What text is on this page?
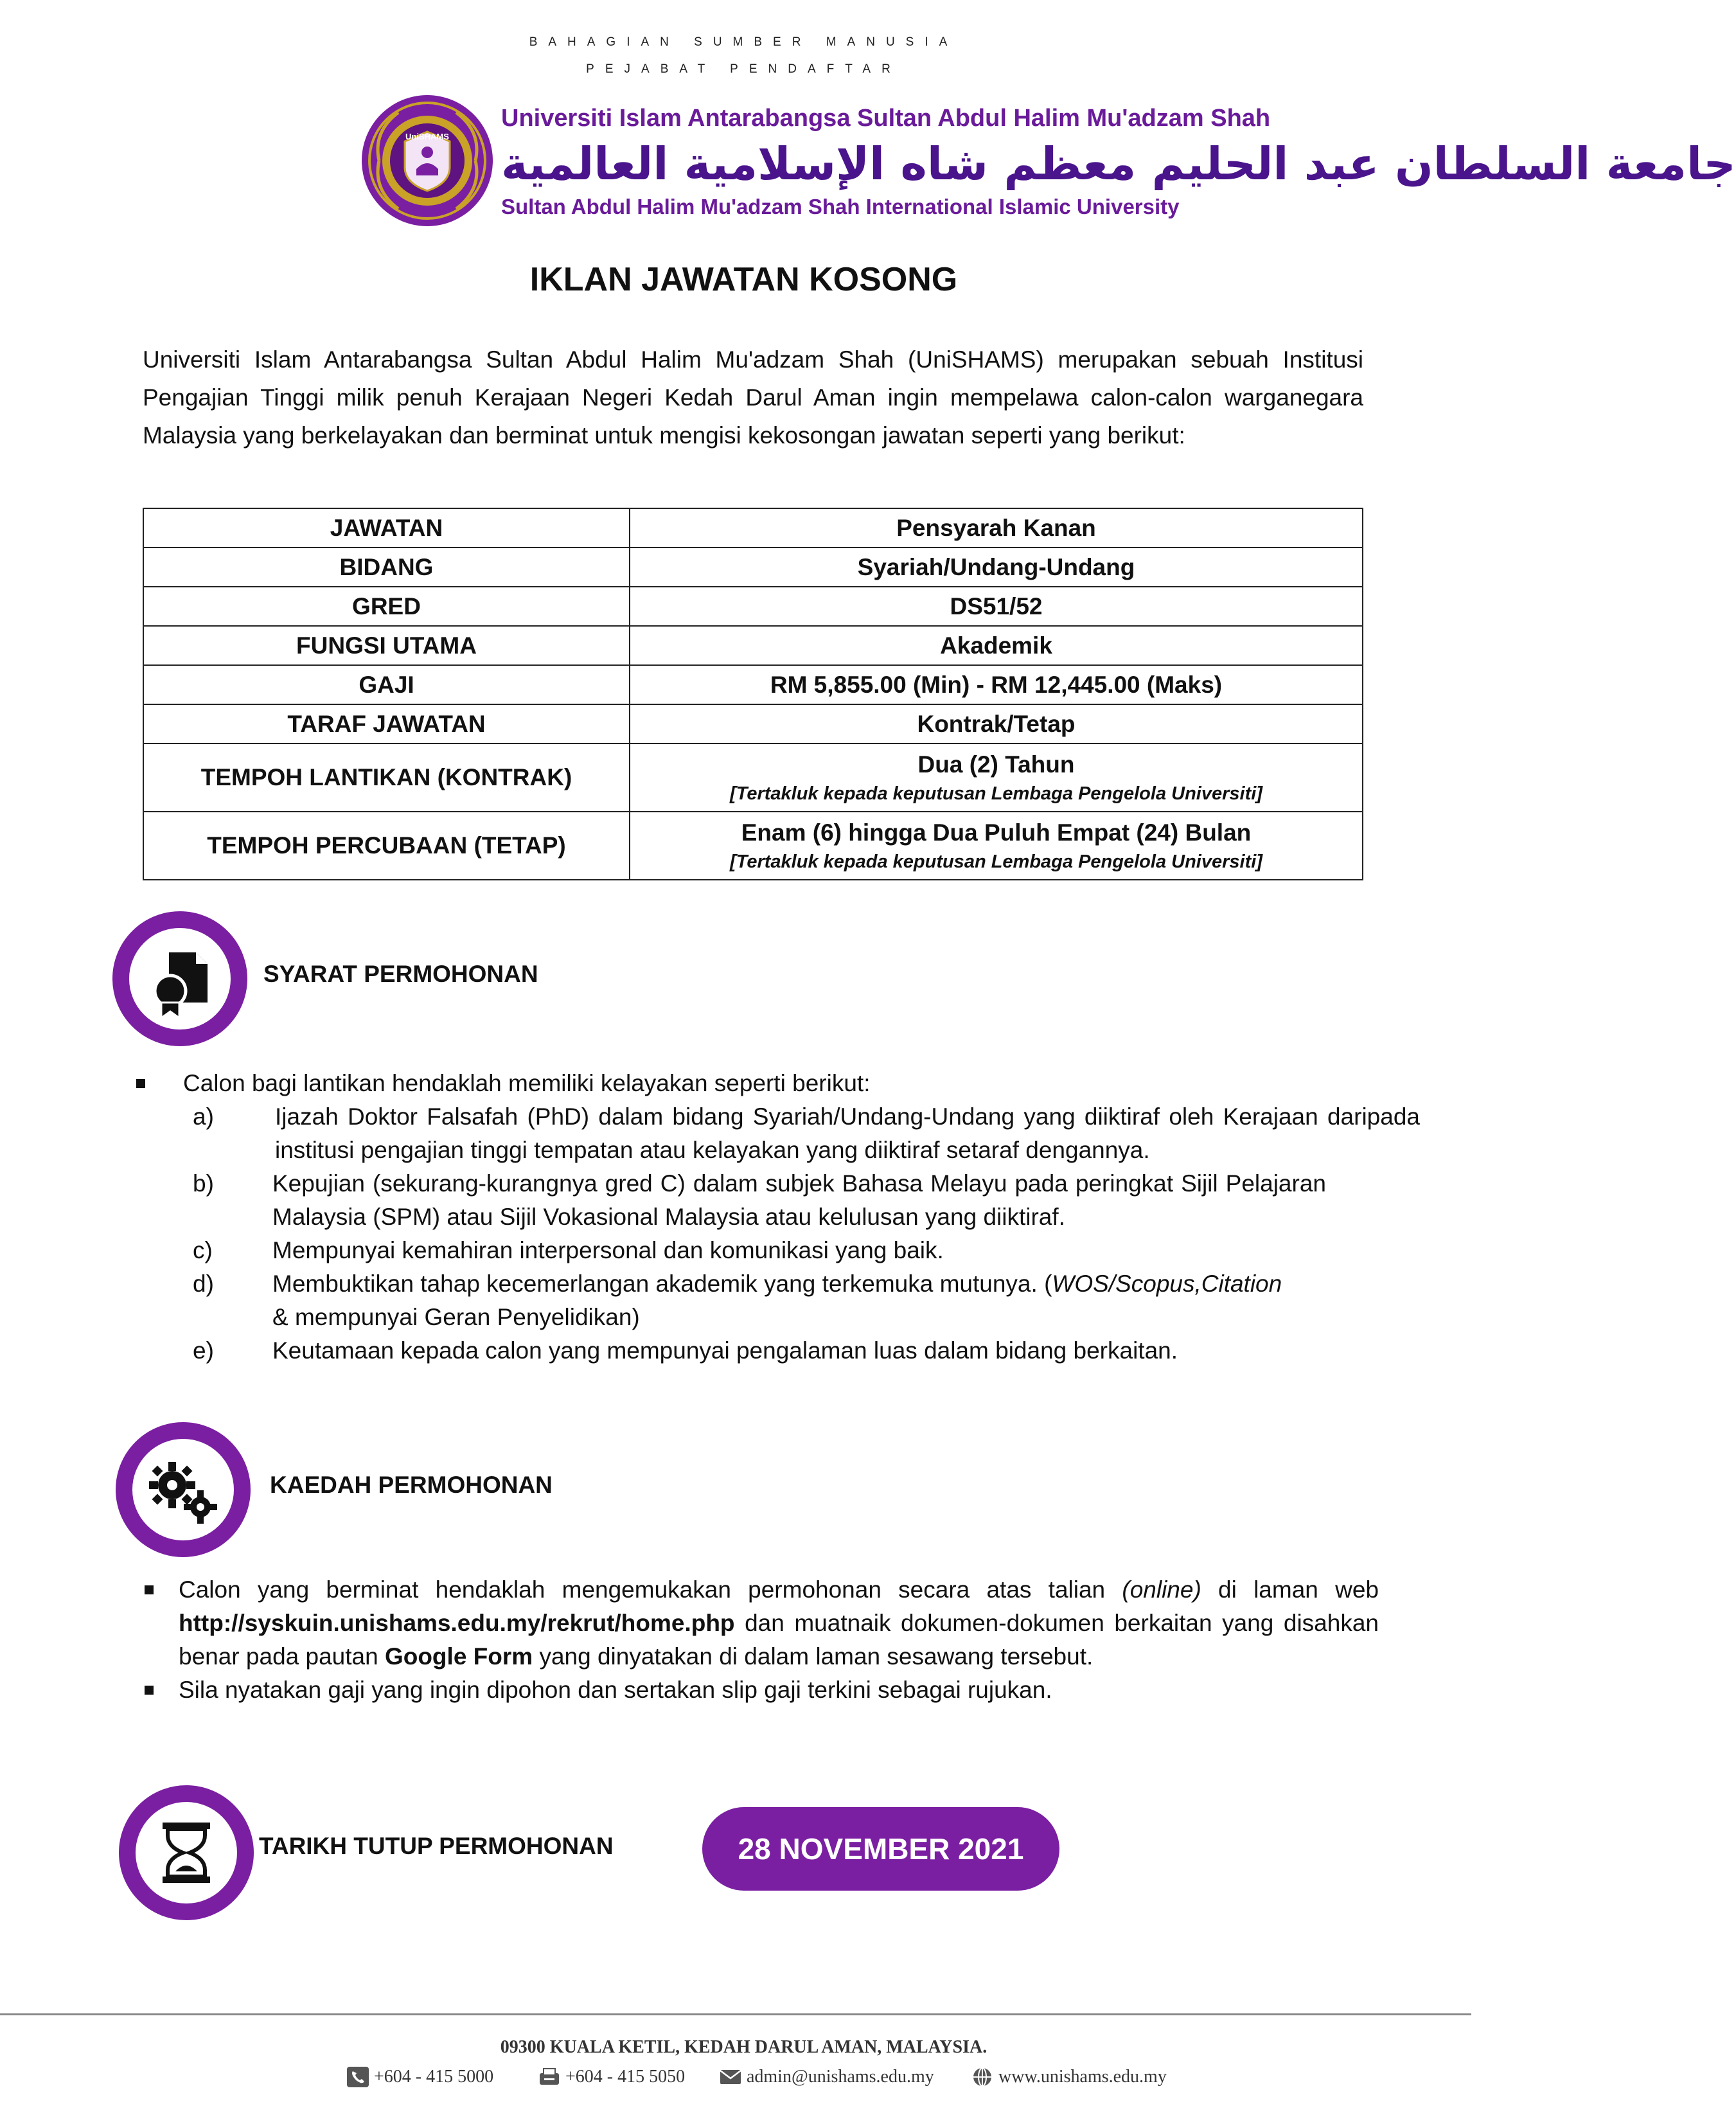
BAHAGIAN SUMBER MANUSIA
PEJABAT PENDAFTAR
UniSHAMS
Universiti Islam Antarabangsa Sultan Abdul Halim Mu'adzam Shah
جامعة السلطان عبد الحليم معظم شاه الإسلامية العالمية
Sultan Abdul Halim Mu'adzam Shah International Islamic University
IKLAN JAWATAN KOSONG
Universiti Islam Antarabangsa Sultan Abdul Halim Mu'adzam Shah (UniSHAMS) merupakan sebuah Institusi Pengajian Tinggi milik penuh Kerajaan Negeri Kedah Darul Aman ingin mempelawa calon-calon warganegara Malaysia yang berkelayakan dan berminat untuk mengisi kekosongan jawatan seperti yang berikut:
JAWATAN	Pensyarah Kanan
BIDANG	Syariah/Undang-Undang
GRED	DS51/52
FUNGSI UTAMA	Akademik
GAJI	RM 5,855.00 (Min) - RM 12,445.00 (Maks)
TARAF JAWATAN	Kontrak/Tetap
TEMPOH LANTIKAN (KONTRAK)	Dua (2) Tahun
[Tertakluk kepada keputusan Lembaga Pengelola Universiti]

TEMPOH PERCUBAAN (TETAP)	Enam (6) hingga Dua Puluh Empat (24) Bulan
[Tertakluk kepada keputusan Lembaga Pengelola Universiti]
SYARAT PERMOHONAN
Calon bagi lantikan hendaklah memiliki kelayakan seperti berikut:
a)	Ijazah Doktor Falsafah (PhD) dalam bidang Syariah/Undang-Undang yang diiktiraf oleh Kerajaan daripada institusi pengajian tinggi tempatan atau kelayakan yang diiktiraf setaraf dengannya.
b) Kepujian (sekurang-kurangnya gred C) dalam subjek Bahasa Melayu pada peringkat Sijil Pelajaran Malaysia (SPM) atau Sijil Vokasional Malaysia atau kelulusan yang diiktiraf.
c)	Mempunyai kemahiran interpersonal dan komunikasi yang baik.
d) Membuktikan tahap kecemerlangan akademik yang terkemuka mutunya. (WOS/Scopus,Citation
& mempunyai Geran Penyelidikan)
e) Keutamaan kepada calon yang mempunyai pengalaman luas dalam bidang berkaitan.
KAEDAH PERMOHONAN
Calon yang berminat hendaklah mengemukakan permohonan secara atas talian (online) di laman web http://syskuin.unishams.edu.my/rekrut/home.php dan muatnaik dokumen-dokumen berkaitan yang disahkan benar pada pautan Google Form yang dinyatakan di dalam laman sesawang tersebut.
Sila nyatakan gaji yang ingin dipohon dan sertakan slip gaji terkini sebagai rujukan.
TARIKH TUTUP PERMOHONAN	28 NOVEMBER 2021
09300 KUALA KETIL, KEDAH DARUL AMAN, MALAYSIA.
+604 - 415 5000	+604 - 415 5050	admin@unishams.edu.my	www.unishams.edu.my
